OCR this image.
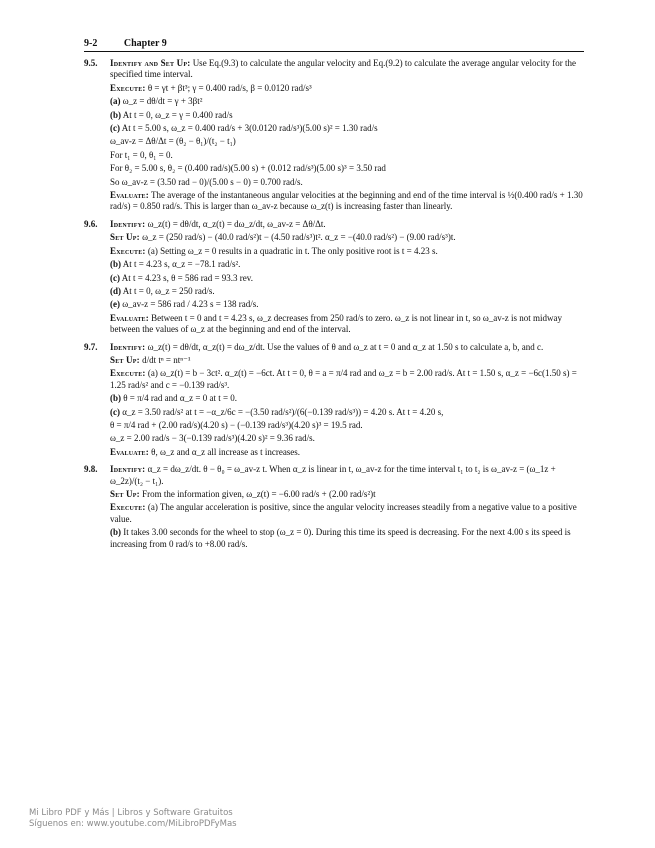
9-2	Chapter 9
9.5.	Identify and Set Up: Use Eq.(9.3) to calculate the angular velocity and Eq.(9.2) to calculate the average angular velocity for the specified time interval.
Execute: θ = γt + βt³; γ = 0.400 rad/s, β = 0.0120 rad/s³
(a) ω_z = dθ/dt = γ + 3βt²
(b) At t = 0, ω_z = γ = 0.400 rad/s
(c) At t = 5.00 s, ω_z = 0.400 rad/s + 3(0.0120 rad/s³)(5.00 s)² = 1.30 rad/s
ω_av-z = Δθ/Δt = (θ₂ − θ₁)/(t₂ − t₁)
For t₁ = 0, θ₁ = 0.
For θ₂ = 5.00 s, θ₂ = (0.400 rad/s)(5.00 s) + (0.012 rad/s³)(5.00 s)³ = 3.50 rad
So ω_av-z = (3.50 rad − 0)/(5.00 s − 0) = 0.700 rad/s.
Evaluate: The average of the instantaneous angular velocities at the beginning and end of the time interval is ½(0.400 rad/s + 1.30 rad/s) = 0.850 rad/s. This is larger than ω_av-z because ω_z(t) is increasing faster than linearly.
9.6.	Identify: ω_z(t) = dθ/dt, α_z(t) = dω_z/dt, ω_av-z = Δθ/Δt.
Set Up: ω_z = (250 rad/s) − (40.0 rad/s²)t − (4.50 rad/s³)t². α_z = −(40.0 rad/s²) − (9.00 rad/s³)t.
Execute: (a) Setting ω_z = 0 results in a quadratic in t. The only positive root is t = 4.23 s.
(b) At t = 4.23 s, α_z = −78.1 rad/s².
(c) At t = 4.23 s, θ = 586 rad = 93.3 rev.
(d) At t = 0, ω_z = 250 rad/s.
(e) ω_av-z = 586 rad / 4.23 s = 138 rad/s.
Evaluate: Between t = 0 and t = 4.23 s, ω_z decreases from 250 rad/s to zero. ω_z is not linear in t, so ω_av-z is not midway between the values of ω_z at the beginning and end of the interval.
9.7.	Identify: ω_z(t) = dθ/dt, α_z(t) = dω_z/dt. Use the values of θ and ω_z at t = 0 and α_z at 1.50 s to calculate a, b, and c.
Set Up: d/dt tⁿ = ntⁿ⁻¹
Execute: (a) ω_z(t) = b − 3ct². α_z(t) = −6ct. At t = 0, θ = a = π/4 rad and ω_z = b = 2.00 rad/s. At t = 1.50 s, α_z = −6c(1.50 s) = 1.25 rad/s² and c = −0.139 rad/s³.
(b) θ = π/4 rad and α_z = 0 at t = 0.
(c) α_z = 3.50 rad/s² at t = −α_z/6c = −(3.50 rad/s²)/(6(−0.139 rad/s³)) = 4.20 s. At t = 4.20 s,
θ = π/4 rad + (2.00 rad/s)(4.20 s) − (−0.139 rad/s³)(4.20 s)³ = 19.5 rad.
ω_z = 2.00 rad/s − 3(−0.139 rad/s³)(4.20 s)² = 9.36 rad/s.
Evaluate: θ, ω_z and α_z all increase as t increases.
9.8.	Identify: α_z = dω_z/dt. θ − θ₀ = ω_av-z t. When α_z is linear in t, ω_av-z for the time interval t₁ to t₂ is ω_av-z = (ω_1z + ω_2z)/(t₂ − t₁).
Set Up: From the information given, ω_z(t) = −6.00 rad/s + (2.00 rad/s²)t
Execute: (a) The angular acceleration is positive, since the angular velocity increases steadily from a negative value to a positive value.
(b) It takes 3.00 seconds for the wheel to stop (ω_z = 0). During this time its speed is decreasing. For the next 4.00 s its speed is increasing from 0 rad/s to +8.00 rad/s.
Mi Libro PDF y Más | Libros y Software Gratuitos
Síguenos en: www.youtube.com/MiLibroPDFyMas
